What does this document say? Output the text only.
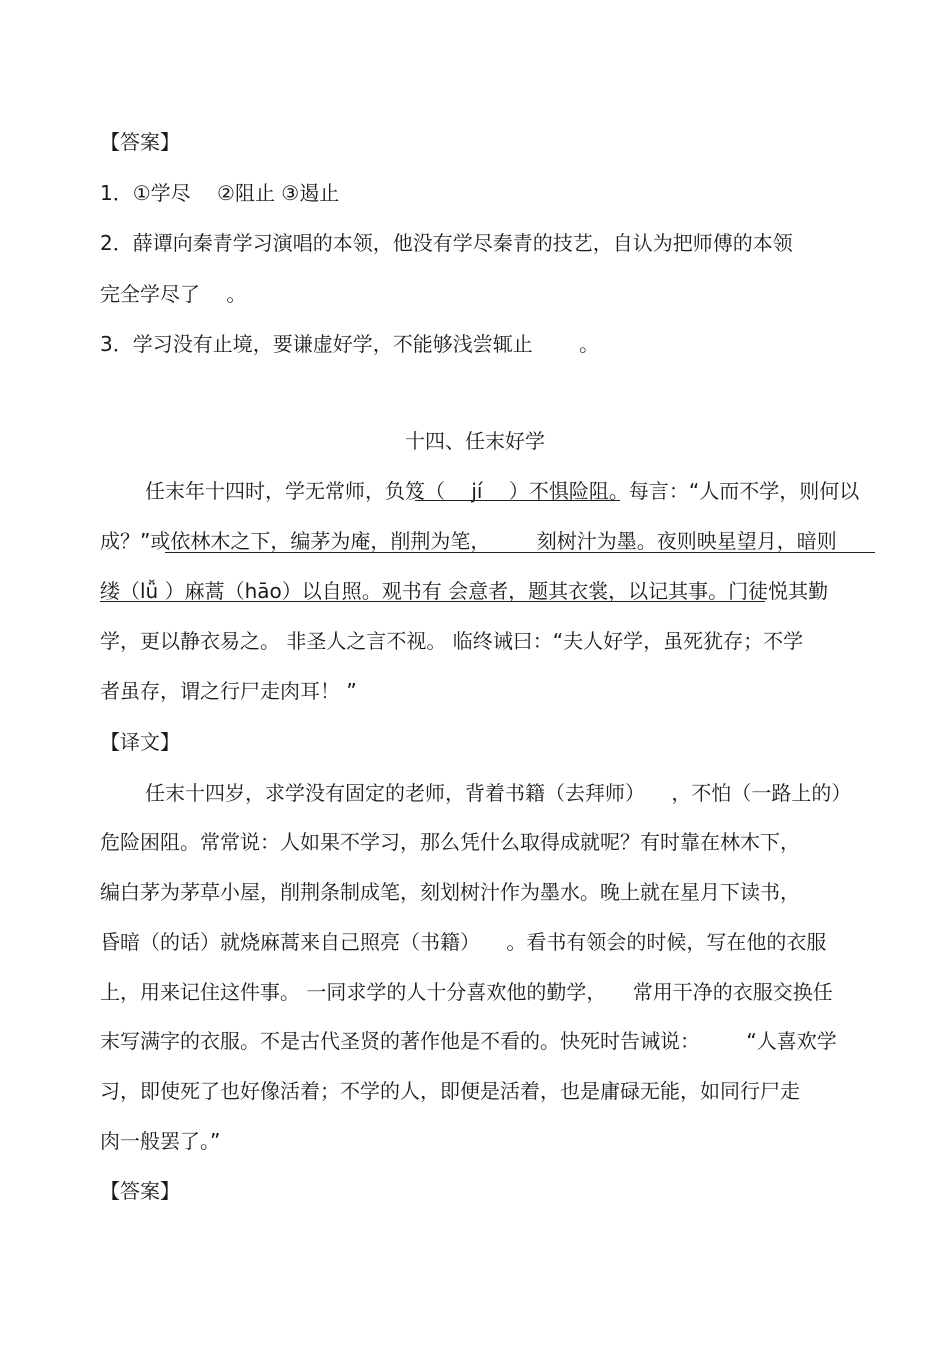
【答案】
1．①学尽 　②阻止 ③遏止
2．薛谭向秦青学习演唱的本领，他没有学尽秦青的技艺，自认为把师傅的本领
完全学尽了 　。
3．学习没有止境，要谦虚好学，不能够浅尝辄止 　　。
十四、任末好学
任末年十四时，学无常师，负笈（ 　jí 　）不惧险阻。每言：“人而不学，则何以
成？”或依林木之下，编茅为庵，削荆为笔， 　　刻树汁为墨。夜则映星望月，暗则
缕（lǚ ）麻蒿（hāo）以自照。观书有 会意者，题其衣裳，以记其事。门徒悦其勤
学，更以静衣易之。 非圣人之言不视。 临终诫曰：“夫人好学，虽死犹存；不学
者虽存，谓之行尸走肉耳！ ”
【译文】
任末十四岁，求学没有固定的老师，背着书籍（去拜师） 　，不怕（一路上的）
危险困阻。常常说：人如果不学习，那么凭什么取得成就呢？有时靠在林木下，
编白茅为茅草小屋，削荆条制成笔，刻划树汁作为墨水。晚上就在星月下读书，
昏暗（的话）就烧麻蒿来自己照亮（书籍） 　。看书有领会的时候，写在他的衣服
上，用来记住这件事。 一同求学的人十分喜欢他的勤学， 　常用干净的衣服交换任
末写满字的衣服。不是古代圣贤的著作他是不看的。快死时告诫说： 　　“人喜欢学
习，即使死了也好像活着；不学的人，即便是活着，也是庸碌无能，如同行尸走
肉一般罢了。”
【答案】
